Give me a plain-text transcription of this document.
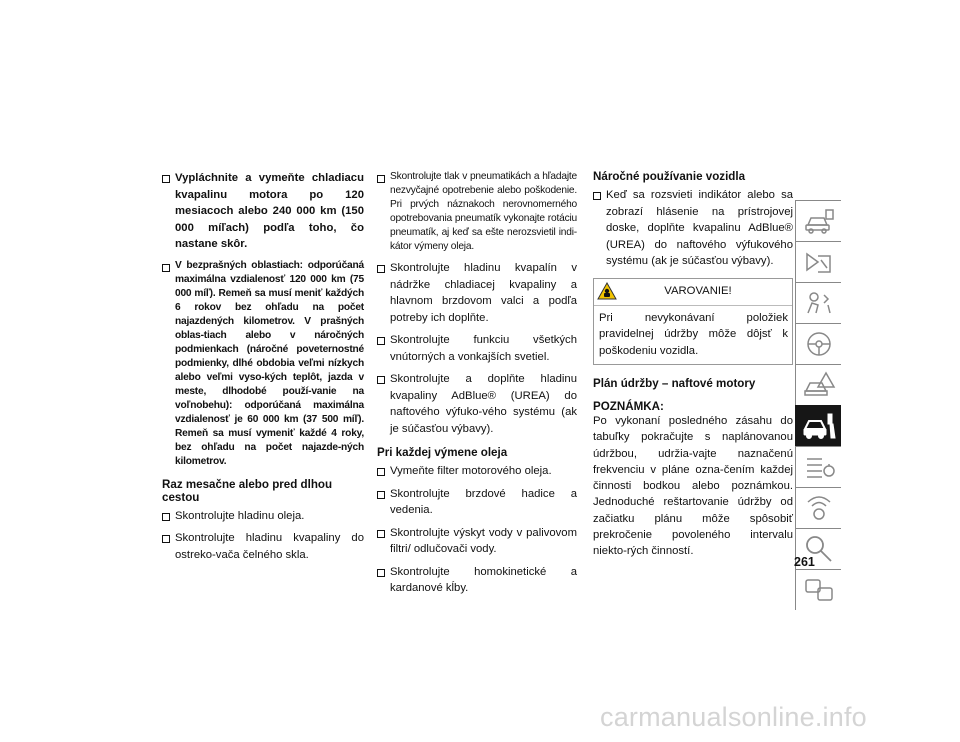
Vypláchnite a vymeňte chladiacu kvapalinu motora po 120 mesiacoch alebo 240 000 km (150 000 míľach) podľa toho, čo nastane skôr.
V bezprašných oblastiach: odporúčaná maximálna vzdialenosť 120 000 km (75 000 míľ). Remeň sa musí meniť každých 6 rokov bez ohľadu na počet najazdených kilometrov. V prašných oblas-tiach alebo v náročných podmienkach (náročné poveternostné podmienky, dlhé obdobia veľmi nízkych alebo veľmi vyso-kých teplôt, jazda v meste, dlhodobé použí-vanie na voľnobehu): odporúčaná maximálna vzdialenosť je 60 000 km (37 500 míľ). Remeň sa musí vymeniť každé 4 roky, bez ohľadu na počet najazde-ných kilometrov.
Raz mesačne alebo pred dlhou cestou
Skontrolujte hladinu oleja.
Skontrolujte hladinu kvapaliny do ostreko-vača čelného skla.
Skontrolujte tlak v pneumatikách a hľadajte nezvyčajné opotrebenie alebo poškodenie. Pri prvých náznakoch nerovnomerného opotrebovania pneumatík vykonajte rotáciu pneumatík, aj keď sa ešte nerozsvietil indi-kátor výmeny oleja.
Skontrolujte hladinu kvapalín v nádržke chladiacej kvapaliny a hlavnom brzdovom valci a podľa potreby ich doplňte.
Skontrolujte funkciu všetkých vnútorných a vonkajších svetiel.
Skontrolujte a doplňte hladinu kvapaliny AdBlue® (UREA) do naftového výfuko-vého systému (ak je súčasťou výbavy).
Pri každej výmene oleja
Vymeňte filter motorového oleja.
Skontrolujte brzdové hadice a vedenia.
Skontrolujte výskyt vody v palivovom filtri/ odlučovači vody.
Skontrolujte homokinetické a kardanové kĺby.
Náročné používanie vozidla
Keď sa rozsvieti indikátor alebo sa zobrazí hlásenie na prístrojovej doske, doplňte kvapalinu AdBlue® (UREA) do naftového výfukového systému (ak je súčasťou výbavy).
VAROVANIE!
Pri nevykonávaní položiek pravidelnej údržby môže dôjsť k poškodeniu vozidla.
Plán údržby – naftové motory
POZNÁMKA:
Po vykonaní posledného zásahu do tabuľky pokračujte s naplánovanou údržbou, udržia-vajte naznačenú frekvenciu v pláne ozna-čením každej činnosti bodkou alebo poznámkou. Jednoduché reštartovanie údržby od začiatku plánu môže spôsobiť prekročenie povoleného intervalu niekto-rých činností.
261
carmanualsonline.info
